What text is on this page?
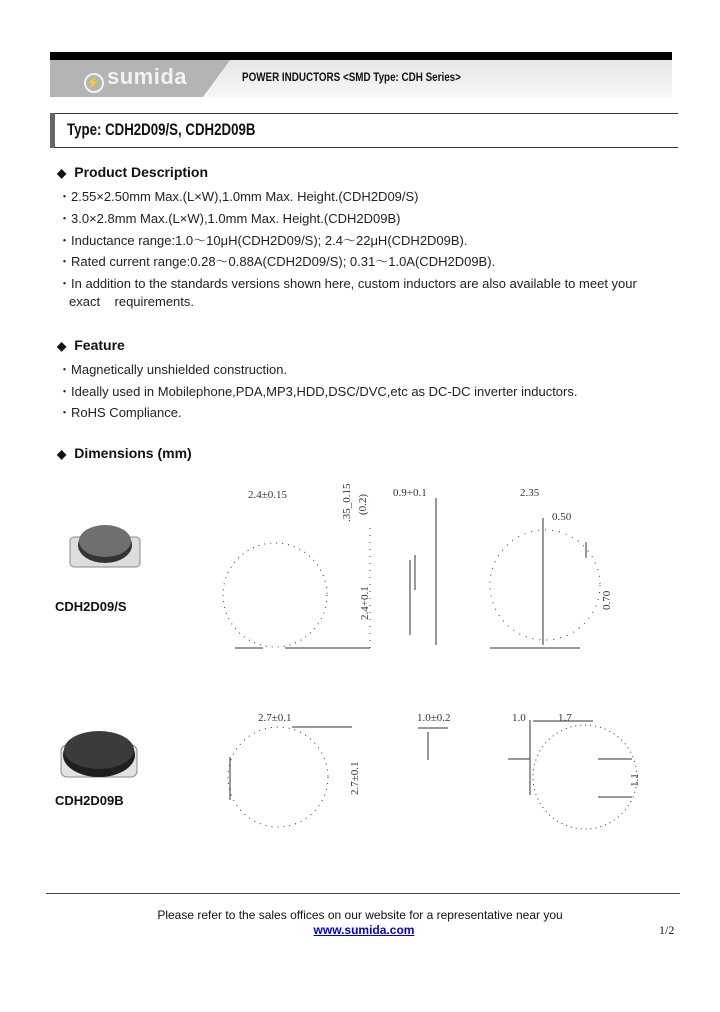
⚡ sumida	POWER INDUCTORS <SMD Type: CDH Series>
Type: CDH2D09/S, CDH2D09B
◆ Product Description
・2.55×2.50mm Max.(L×W),1.0mm Max. Height.(CDH2D09/S)
・3.0×2.8mm Max.(L×W),1.0mm Max. Height.(CDH2D09B)
・Inductance range:1.0～10μH(CDH2D09/S); 2.4～22μH(CDH2D09B).
・Rated current range:0.28～0.88A(CDH2D09/S); 0.31～1.0A(CDH2D09B).
・In addition to the standards versions shown here, custom inductors are also available to meet your
exact    requirements.
◆ Feature
・Magnetically unshielded construction.
・Ideally used in Mobilephone,PDA,MP3,HDD,DSC/DVC,etc as DC-DC inverter inductors.
・RoHS Compliance.
◆ Dimensions (mm)
CDH2D09/S
CDH2D09B
2.4±0.15	.35_0.15 (0.2)
2.4+0.1
0.9+0.1	2.35
0.50
0.70
2.7±0.1
2.7±0.1
1.0±0.2	1.0	1.7
1.1
Please refer to the sales offices on our website for a representative near you
www.sumida.com	1/2
